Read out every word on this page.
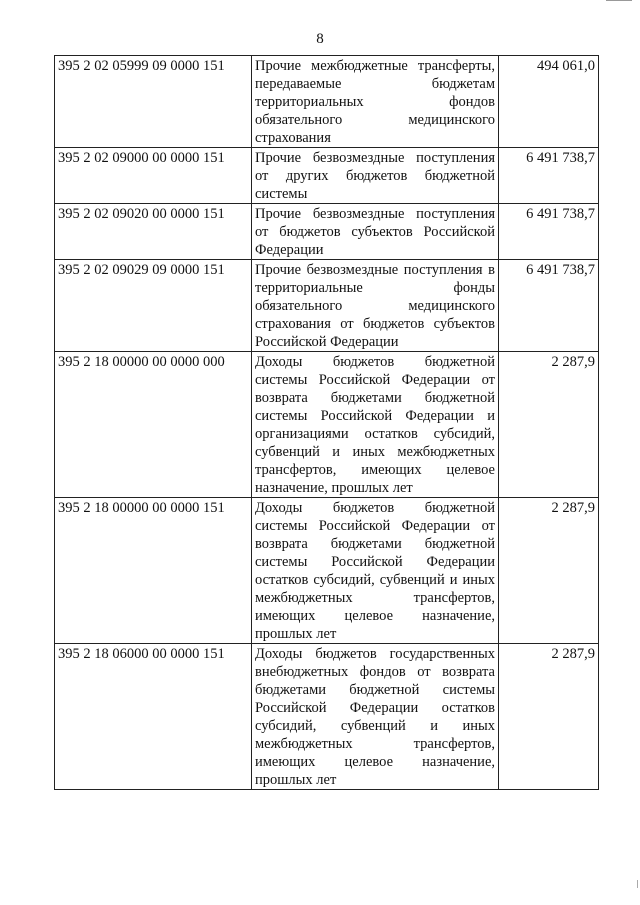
8
395 2 02 05999 09 0000 151	Прочие межбюджетные трансферты, передаваемые бюджетам территориальных фондов обязательного медицинского страхования	494 061,0
395 2 02 09000 00 0000 151	Прочие безвозмездные поступления от других бюджетов бюджетной системы	6 491 738,7
395 2 02 09020 00 0000 151	Прочие безвозмездные поступления от бюджетов субъектов Российской Федерации	6 491 738,7
395 2 02 09029 09 0000 151	Прочие безвозмездные поступления в территориальные фонды обязательного медицинского страхования от бюджетов субъектов Российской Федерации	6 491 738,7
395 2 18 00000 00 0000 000	Доходы бюджетов бюджетной системы Российской Федерации от возврата бюджетами бюджетной системы Российской Федерации и организациями остатков субсидий, субвенций и иных межбюджетных трансфертов, имеющих целевое назначение, прошлых лет	2 287,9
395 2 18 00000 00 0000 151	Доходы бюджетов бюджетной системы Российской Федерации от возврата бюджетами бюджетной системы Российской Федерации остатков субсидий, субвенций и иных межбюджетных трансфертов, имеющих целевое назначение, прошлых лет	2 287,9
395 2 18 06000 00 0000 151	Доходы бюджетов государственных внебюджетных фондов от возврата бюджетами бюджетной системы Российской Федерации остатков субсидий, субвенций и иных межбюджетных трансфертов, имеющих целевое назначение, прошлых лет	2 287,9
